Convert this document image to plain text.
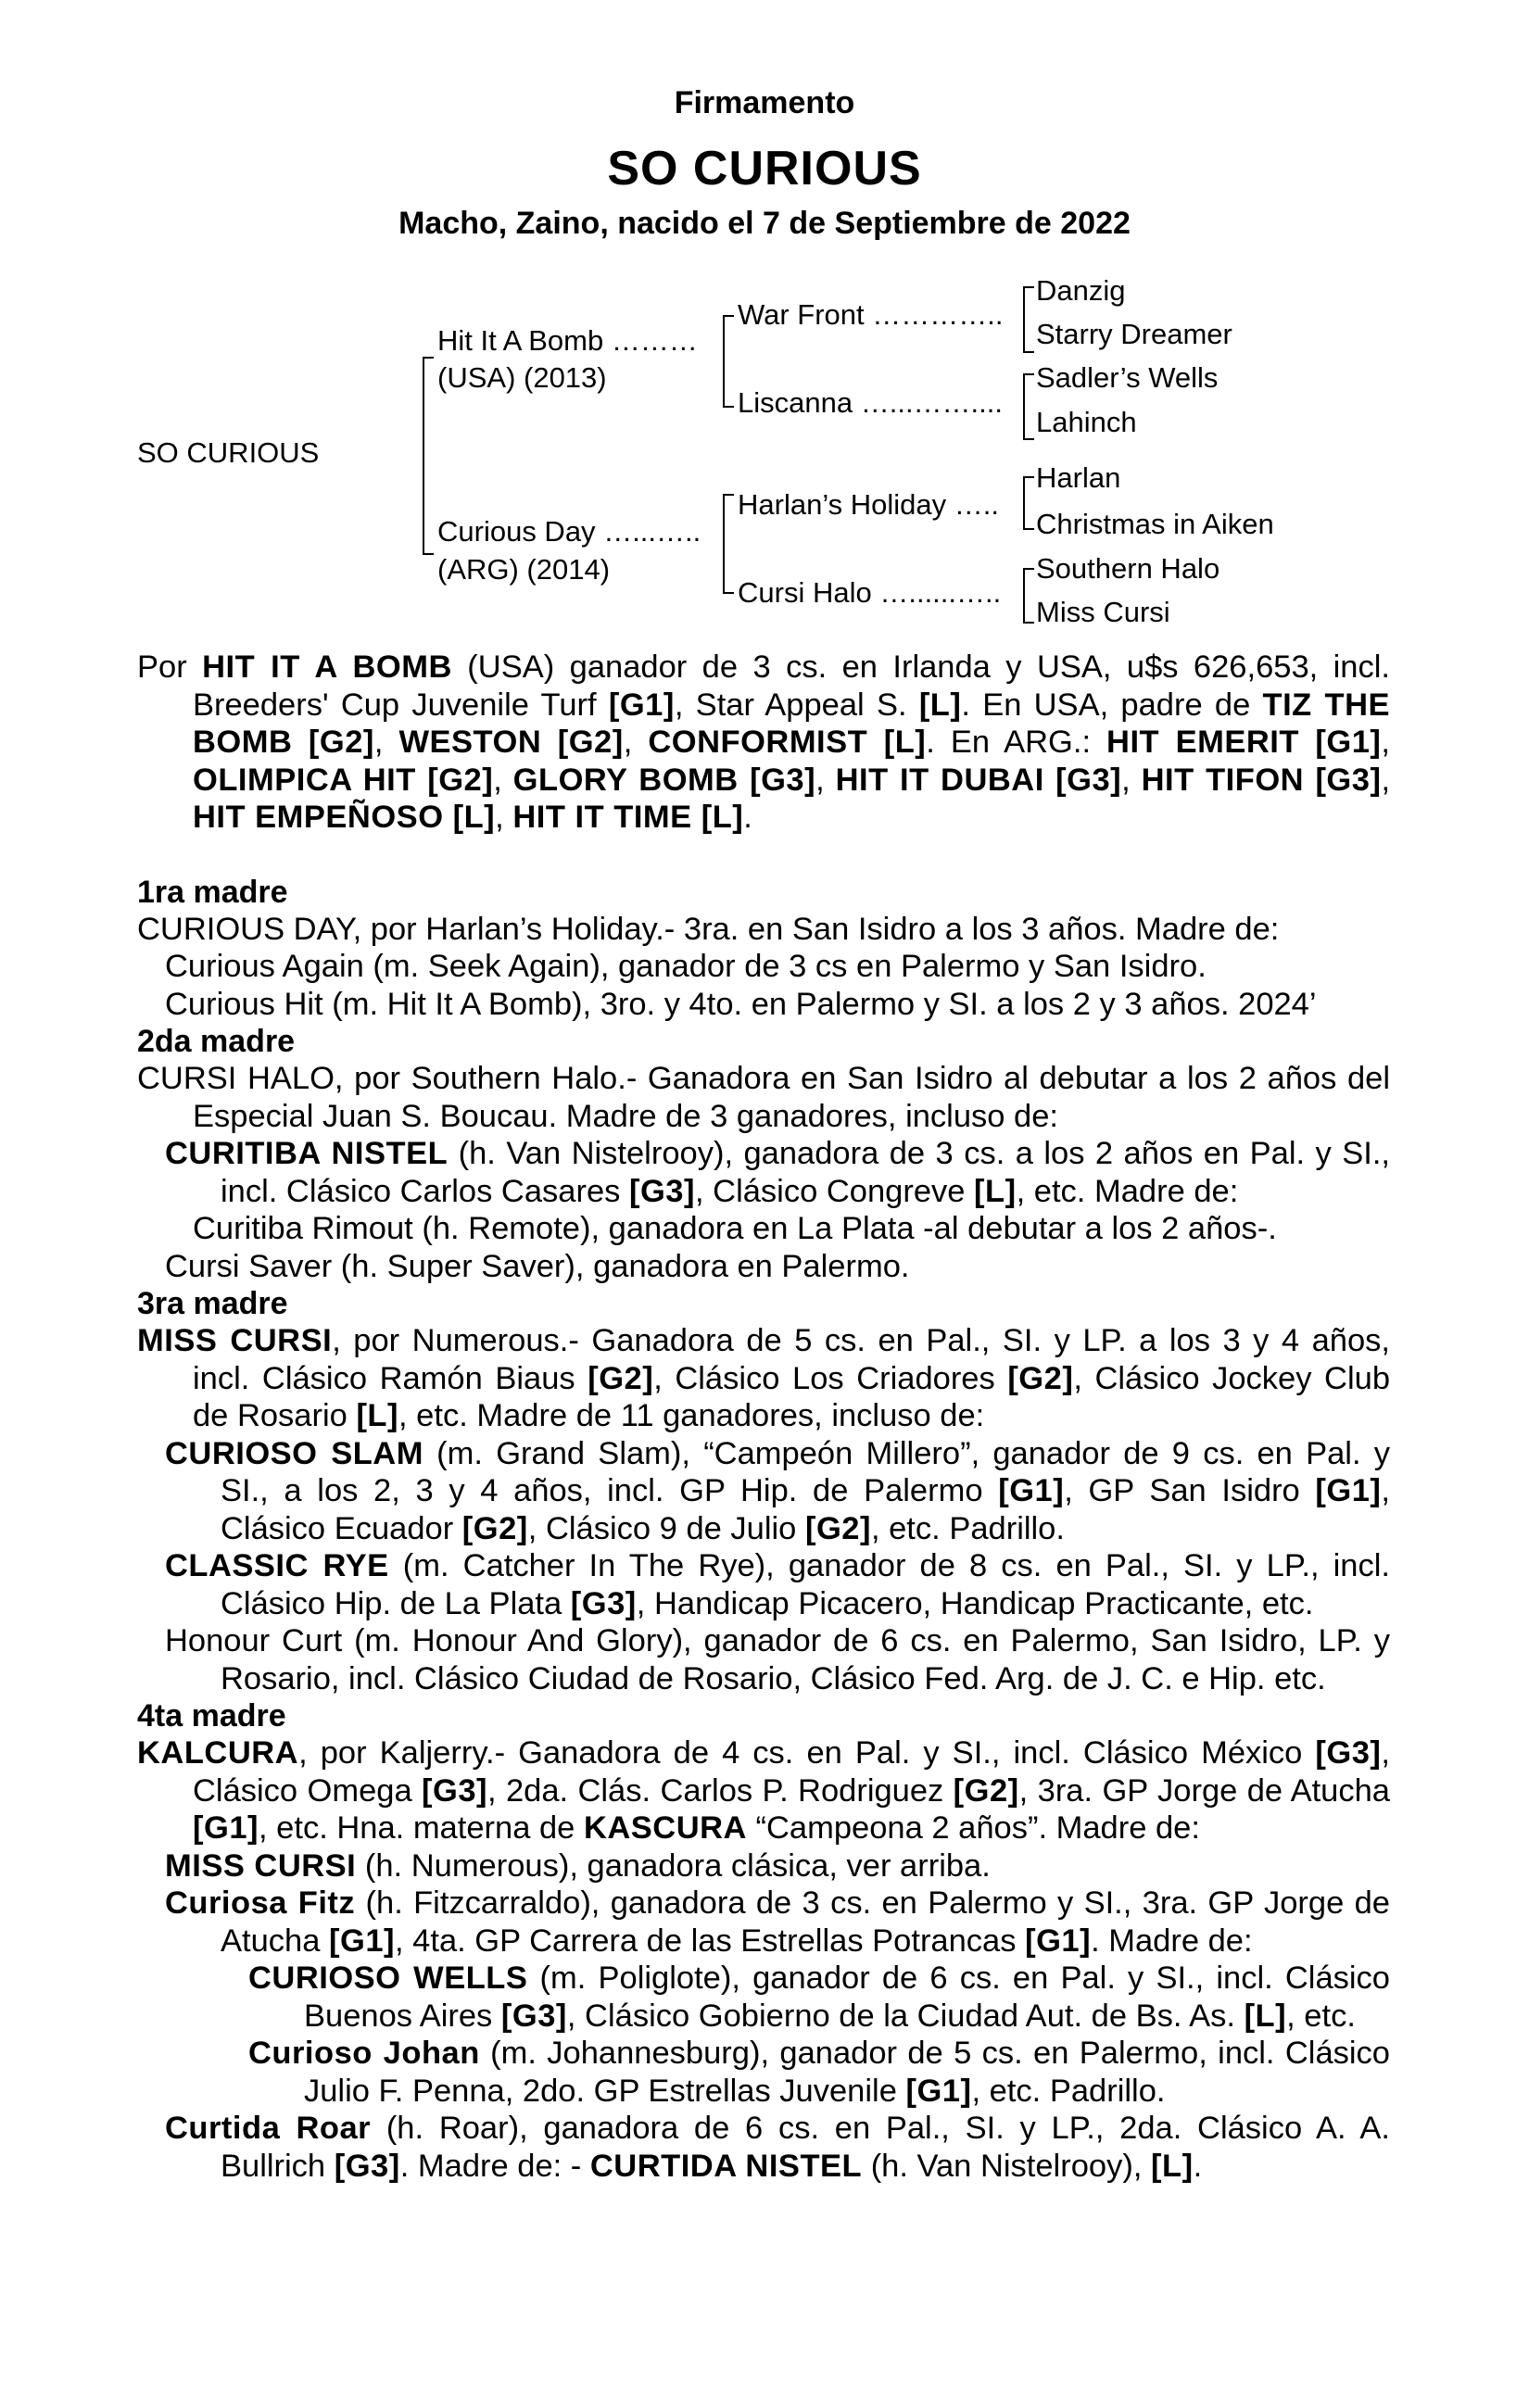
Firmamento
SO CURIOUS
Macho, Zaino, nacido el 7 de Septiembre de 2022
SO CURIOUS
Hit It A Bomb ………
(USA) (2013)
Curious Day …...…..
(ARG) (2014)
War Front …………..
Liscanna …...……....
Harlan’s Holiday …..
Cursi Halo …......…..
Danzig
Starry Dreamer
Sadler’s Wells
Lahinch
Harlan
Christmas in Aiken
Southern Halo
Miss Cursi

Por HIT IT A BOMB (USA) ganador de 3 cs. en Irlanda y USA, u$s 626,653, incl. Breeders' Cup Juvenile Turf [G1], Star Appeal S. [L]. En USA, padre de TIZ THE BOMB [G2], WESTON [G2], CONFORMIST [L]. En ARG.: HIT EMERIT [G1], OLIMPICA HIT [G2], GLORY BOMB [G3], HIT IT DUBAI [G3], HIT TIFON [G3], HIT EMPEÑOSO [L], HIT IT TIME [L].

1ra madre

CURIOUS DAY, por Harlan’s Holiday.- 3ra. en San Isidro a los 3 años. Madre de:

Curious Again (m. Seek Again), ganador de 3 cs en Palermo y San Isidro.

Curious Hit (m. Hit It A Bomb), 3ro. y 4to. en Palermo y SI. a los 2 y 3 años. 2024’

2da madre

CURSI HALO, por Southern Halo.- Ganadora en San Isidro al debutar a los 2 años del Especial Juan S. Boucau. Madre de 3 ganadores, incluso de:

CURITIBA NISTEL (h. Van Nistelrooy), ganadora de 3 cs. a los 2 años en Pal. y SI., incl. Clásico Carlos Casares [G3], Clásico Congreve [L], etc. Madre de:

Curitiba Rimout (h. Remote), ganadora en La Plata -al debutar a los 2 años-.

Cursi Saver (h. Super Saver), ganadora en Palermo.

3ra madre

MISS CURSI, por Numerous.- Ganadora de 5 cs. en Pal., SI. y LP. a los 3 y 4 años, incl. Clásico Ramón Biaus [G2], Clásico Los Criadores [G2], Clásico Jockey Club de Rosario [L], etc. Madre de 11 ganadores, incluso de:

CURIOSO SLAM (m. Grand Slam), “Campeón Millero”, ganador de 9 cs. en Pal. y SI., a los 2, 3 y 4 años, incl. GP Hip. de Palermo [G1], GP San Isidro [G1], Clásico Ecuador [G2], Clásico 9 de Julio [G2], etc. Padrillo.

CLASSIC RYE (m. Catcher In The Rye), ganador de 8 cs. en Pal., SI. y LP., incl. Clásico Hip. de La Plata [G3], Handicap Picacero, Handicap Practicante, etc.

Honour Curt (m. Honour And Glory), ganador de 6 cs. en Palermo, San Isidro, LP. y Rosario, incl. Clásico Ciudad de Rosario, Clásico Fed. Arg. de J. C. e Hip. etc.

4ta madre

KALCURA, por Kaljerry.- Ganadora de 4 cs. en Pal. y SI., incl. Clásico México [G3], Clásico Omega [G3], 2da. Clás. Carlos P. Rodriguez [G2], 3ra. GP Jorge de Atucha [G1], etc. Hna. materna de KASCURA “Campeona 2 años”. Madre de:

MISS CURSI (h. Numerous), ganadora clásica, ver arriba.

Curiosa Fitz (h. Fitzcarraldo), ganadora de 3 cs. en Palermo y SI., 3ra. GP Jorge de Atucha [G1], 4ta. GP Carrera de las Estrellas Potrancas [G1]. Madre de:

CURIOSO WELLS (m. Poliglote), ganador de 6 cs. en Pal. y SI., incl. Clásico Buenos Aires [G3], Clásico Gobierno de la Ciudad Aut. de Bs. As. [L], etc.

Curioso Johan (m. Johannesburg), ganador de 5 cs. en Palermo, incl. Clásico Julio F. Penna, 2do. GP Estrellas Juvenile [G1], etc. Padrillo.

Curtida Roar (h. Roar), ganadora de 6 cs. en Pal., SI. y LP., 2da. Clásico A. A. Bullrich [G3]. Madre de: - CURTIDA NISTEL (h. Van Nistelrooy), [L].
